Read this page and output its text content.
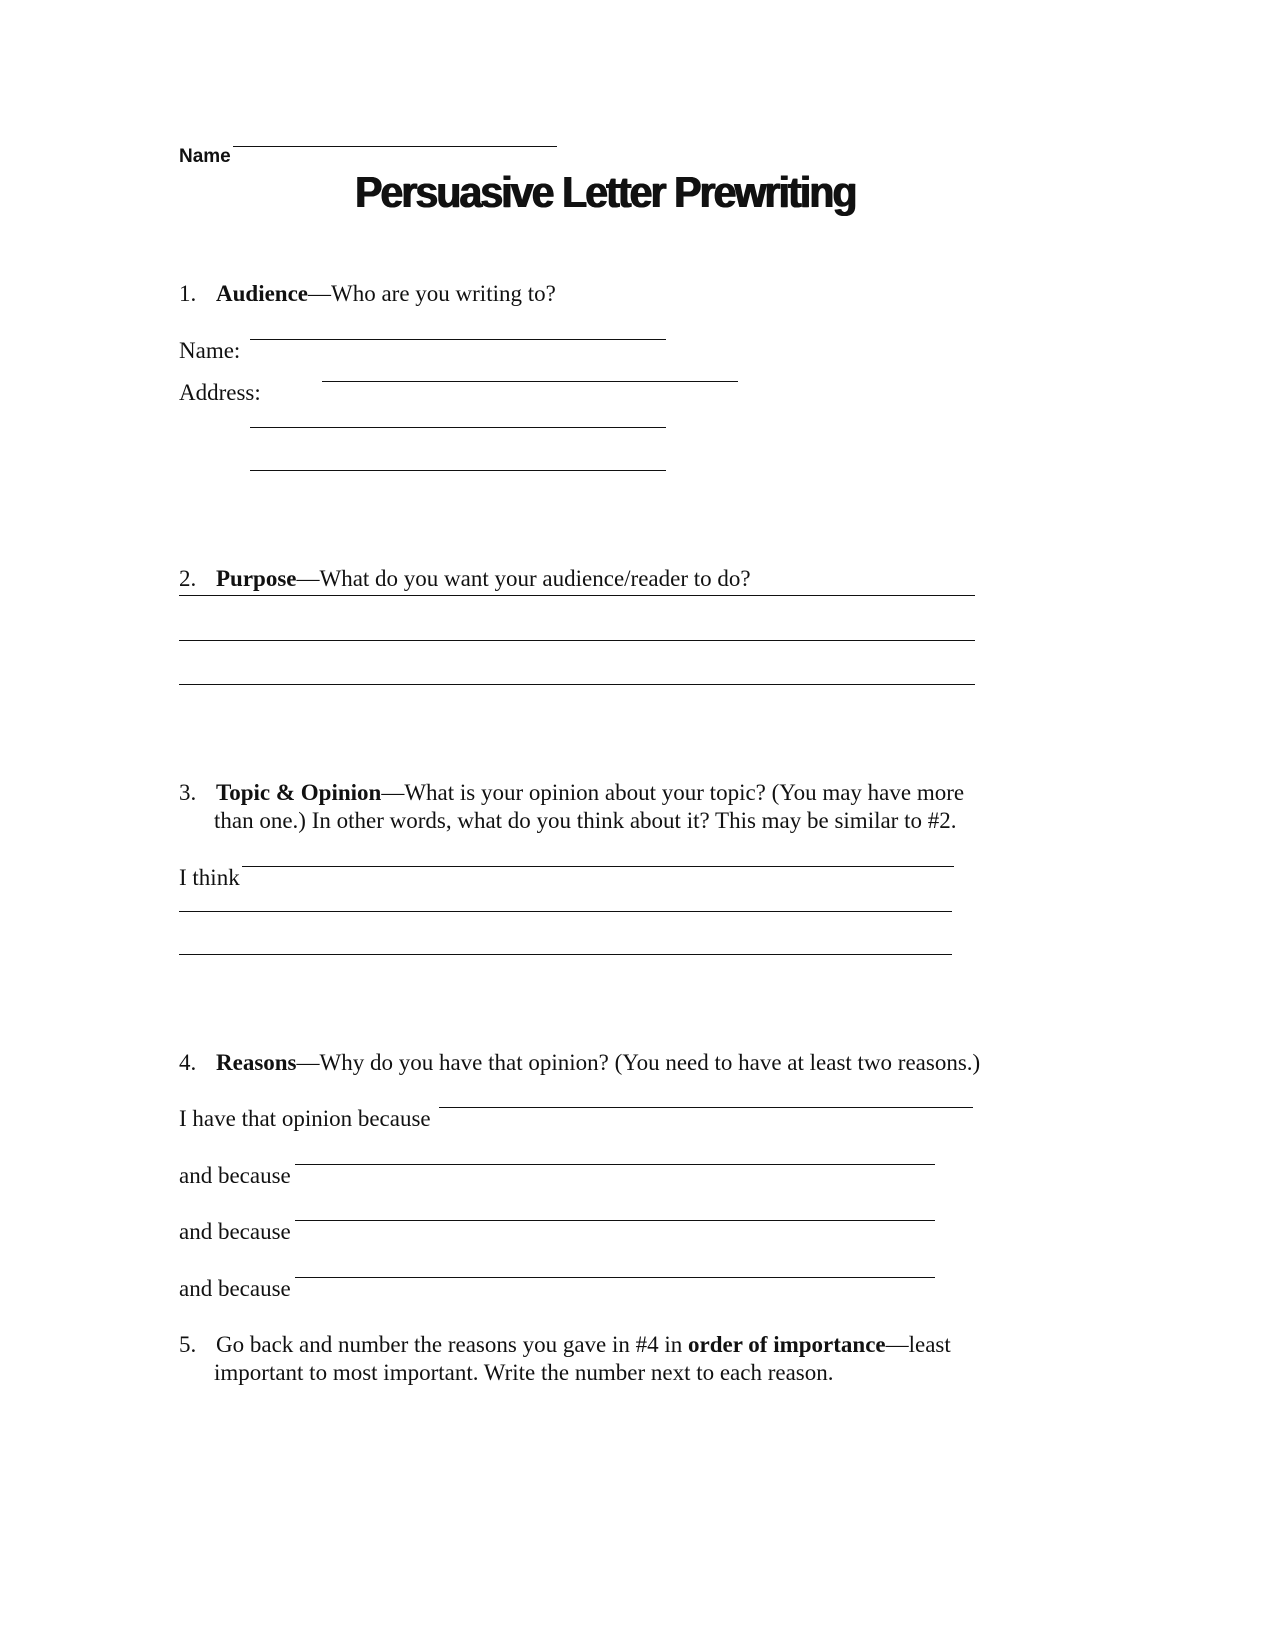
Name
Persuasive Letter Prewriting
1. Audience—Who are you writing to?
Name:
Address:
2. Purpose—What do you want your audience/reader to do?
3. Topic & Opinion—What is your opinion about your topic? (You may have more
than one.) In other words, what do you think about it? This may be similar to #2.
I think
4. Reasons—Why do you have that opinion? (You need to have at least two reasons.)
I have that opinion because
and because
and because
and because
5. Go back and number the reasons you gave in #4 in order of importance—least
important to most important. Write the number next to each reason.
